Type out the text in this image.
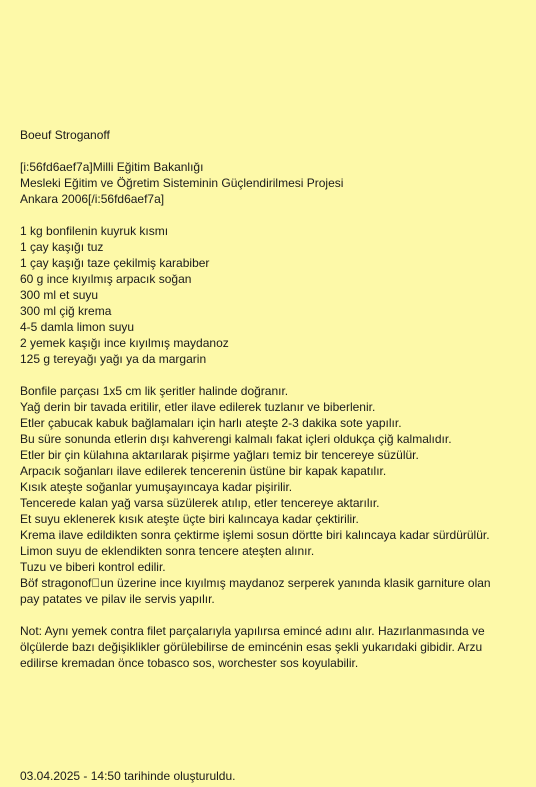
Boeuf Stroganoff

[i:56fd6aef7a]Milli Eğitim Bakanlığı

Mesleki Eğitim ve Öğretim Sisteminin Güçlendirilmesi Projesi

Ankara 2006[/i:56fd6aef7a]

1 kg bonfilenin kuyruk kısmı

1 çay kaşığı tuz

1 çay kaşığı taze çekilmiş karabiber

60 g ince kıyılmış arpacık soğan

300 ml et suyu

300 ml çiğ krema

4-5 damla limon suyu

2 yemek kaşığı ince kıyılmış maydanoz

125 g tereyağı yağı ya da margarin

Bonfile parçası 1x5 cm lik şeritler halinde doğranır.

Yağ derin bir tavada eritilir, etler ilave edilerek tuzlanır ve biberlenir.

Etler çabucak kabuk bağlamaları için harlı ateşte 2-3 dakika sote yapılır.

Bu süre sonunda etlerin dışı kahverengi kalmalı fakat içleri oldukça çiğ kalmalıdır.

Etler bir çin külahına aktarılarak pişirme yağları temiz bir tencereye süzülür.

Arpacık soğanları ilave edilerek tencerenin üstüne bir kapak kapatılır.

Kısık ateşte soğanlar yumuşayıncaya kadar pişirilir.

Tencerede kalan yağ varsa süzülerek atılıp, etler tencereye aktarılır.

Et suyu eklenerek kısık ateşte üçte biri kalıncaya kadar çektirilir.

Krema ilave edildikten sonra çektirme işlemi sosun dörtte biri kalıncaya kadar sürdürülür.

Limon suyu de eklendikten sonra tencere ateşten alınır.

Tuzu ve biberi kontrol edilir.

Böf stragonof un üzerine ince kıyılmış maydanoz serperek yanında klasik garniture olan pay patates ve pilav ile servis yapılır.

Not: Aynı yemek contra filet parçalarıyla yapılırsa emincé adını alır. Hazırlanmasında ve ölçülerde bazı değişiklikler görülebilirse de emincénin esas şekli yukarıdaki gibidir. Arzu edilirse kremadan önce tobasco sos, worchester sos koyulabilir.

03.04.2025 - 14:50 tarihinde oluşturuldu.
